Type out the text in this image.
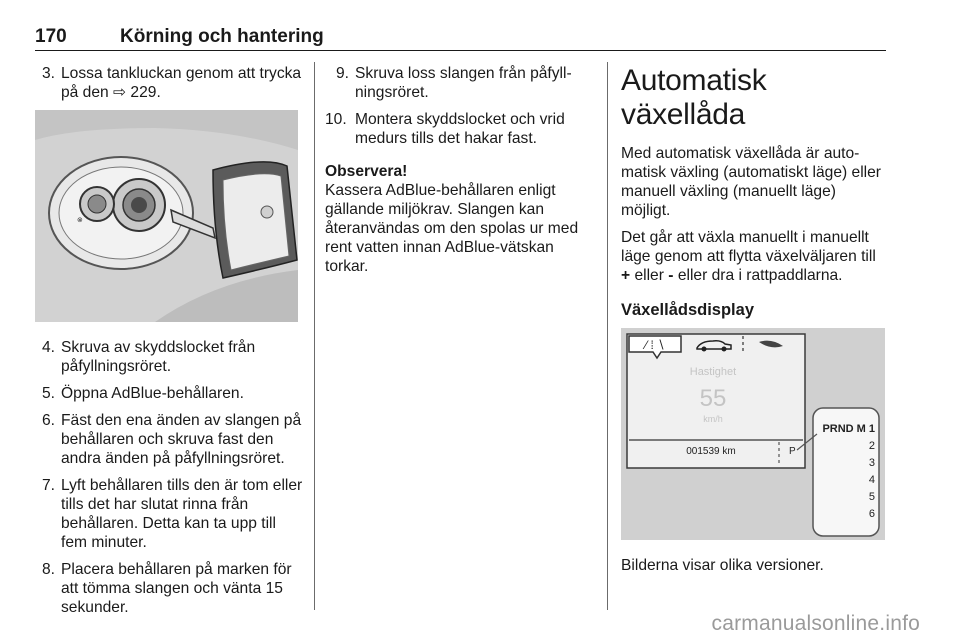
170	Körning och hantering
3. Lossa tankluckan genom att trycka på den ⇨ 229.
⊗
4. Skruva av skyddslocket från påfyllningsröret.
5. Öppna AdBlue-behållaren.
6. Fäst den ena änden av slangen på behållaren och skruva fast den andra änden på påfyllningsröret.
7. Lyft behållaren tills den är tom eller tills det har slutat rinna från behållaren. Detta kan ta upp till fem minuter.
8. Placera behållaren på marken för att tömma slangen och vänta 15 sekunder.
9. Skruva loss slangen från påfyll-ningsröret.
10. Montera skyddslocket och vrid medurs tills det hakar fast.
Observera!
Kassera AdBlue-behållaren enligt gällande miljökrav. Slangen kan återanvändas om den spolas ur med rent vatten innan AdBlue-vätskan torkar.
Automatisk växellåda

Med automatisk växellåda är auto-matisk växling (automatiskt läge) eller manuell växling (manuellt läge) möjligt.

Det går att växla manuellt i manuellt läge genom att flytta växelväljaren till + eller - eller dra i rattpaddlarna.

Växellådsdisplay
⁄ ⁞ ∖
Hastighet
55
km/h
001539 km	P
PRND M 1
2
3
4
5
6
Bilderna visar olika versioner.
carmanualsonline.info
